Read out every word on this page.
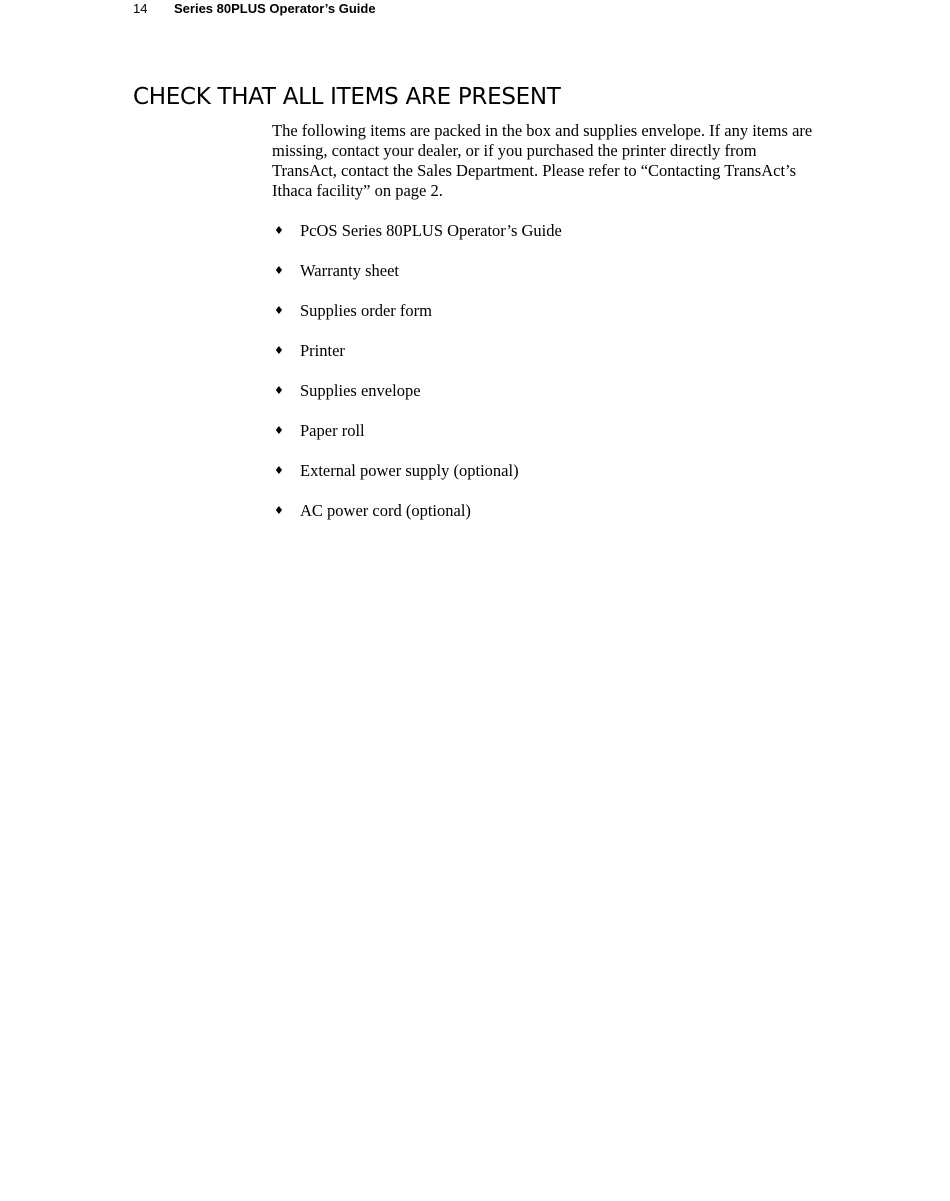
14 Series 80PLUS Operator’s Guide
CHECK THAT ALL ITEMS ARE PRESENT

The following items are packed in the box and supplies envelope. If any items are missing, contact your dealer, or if you purchased the printer directly from TransAct, contact the Sales Department. Please refer to “Contacting TransAct’s Ithaca facility” on page 2.

♦ PcOS Series 80PLUS Operator’s Guide
♦ Warranty sheet
♦ Supplies order form
♦ Printer
♦ Supplies envelope
♦ Paper roll
♦ External power supply (optional)
♦ AC power cord (optional)
